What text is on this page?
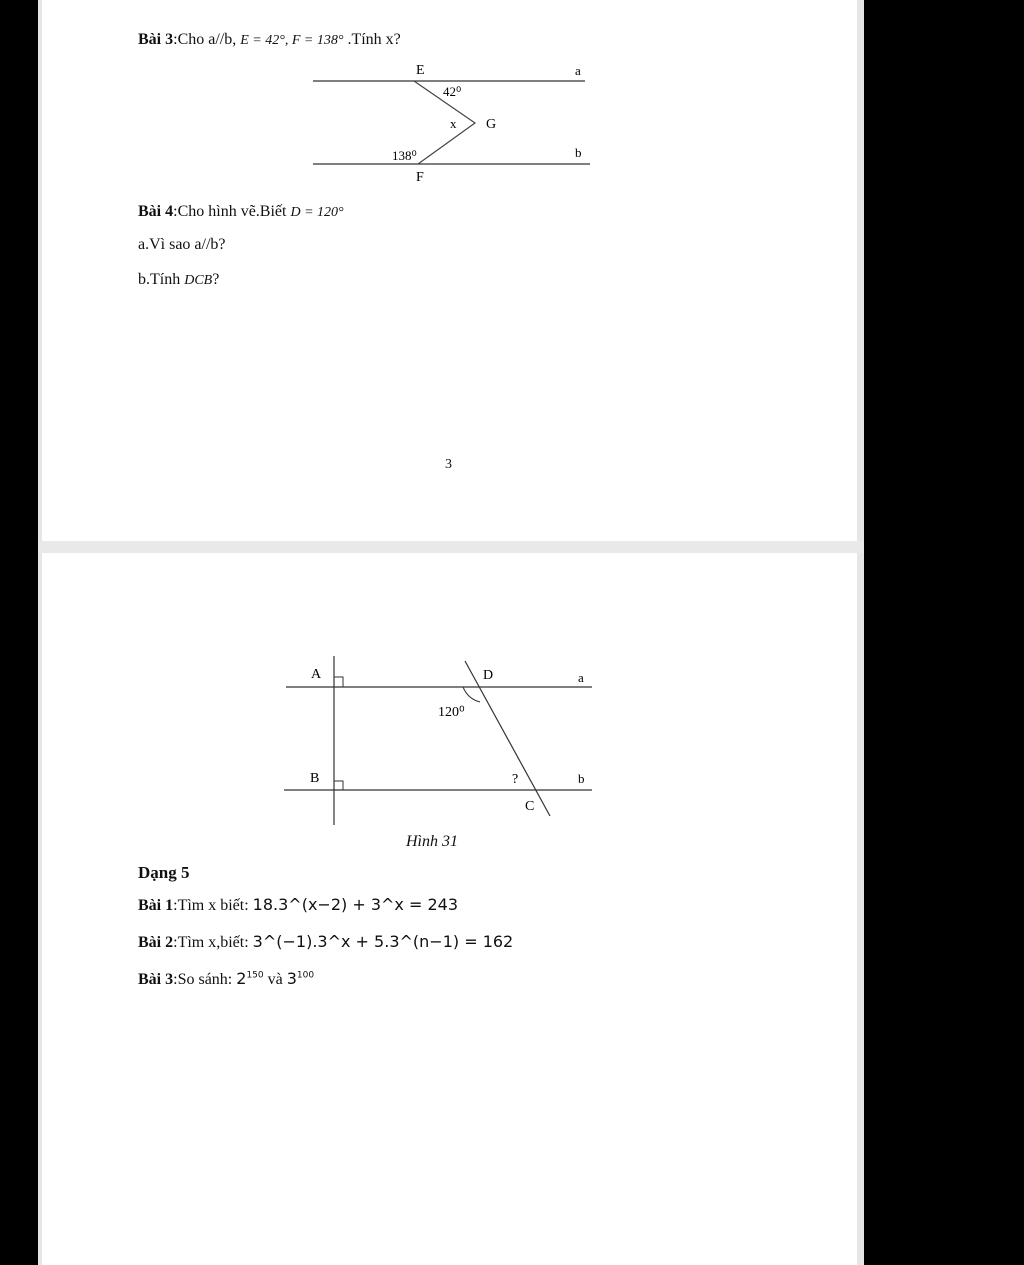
Bài 3:Cho a//b, E = 42°, F = 138° .Tính x?
E	a
42⁰
x G
138⁰	b
F
Bài 4:Cho hình vẽ.Biết D = 120°
a.Vì sao a//b?
b.Tính DCB?
3
A	D	a
120⁰
B	?	b
C
Hình 31
Dạng 5
Bài 1:Tìm x biết: 18.3^(x−2) + 3^x = 243
Bài 2:Tìm x,biết: 3^(−1).3^x + 5.3^(n−1) = 162
Bài 3:So sánh: $2^{150}$ và $3^{100}$
